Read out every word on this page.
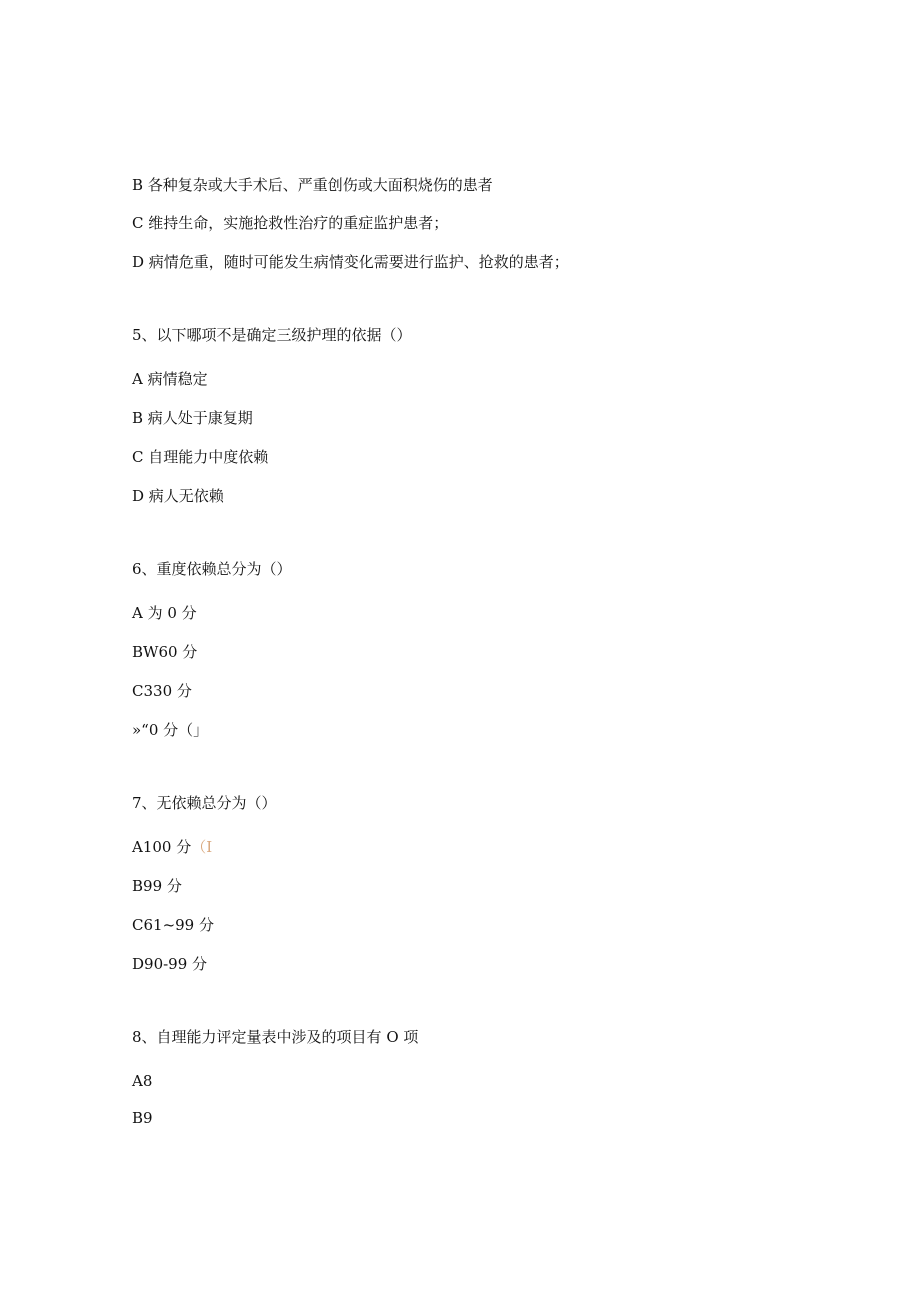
B 各种复杂或大手术后、严重创伤或大面积烧伤的患者
C 维持生命，实施抢救性治疗的重症监护患者；
D 病情危重，随时可能发生病情变化需要进行监护、抢救的患者；
5、以下哪项不是确定三级护理的依据（）
A 病情稳定
B 病人处于康复期
C 自理能力中度依赖
D 病人无依赖
6、重度依赖总分为（）
A 为 0 分
BW60 分
C330 分
»“0 分（」
7、无依赖总分为（）
A100 分（I
B99 分
C61~99 分
D90-99 分
8、自理能力评定量表中涉及的项目有 O 项
A8
B9
